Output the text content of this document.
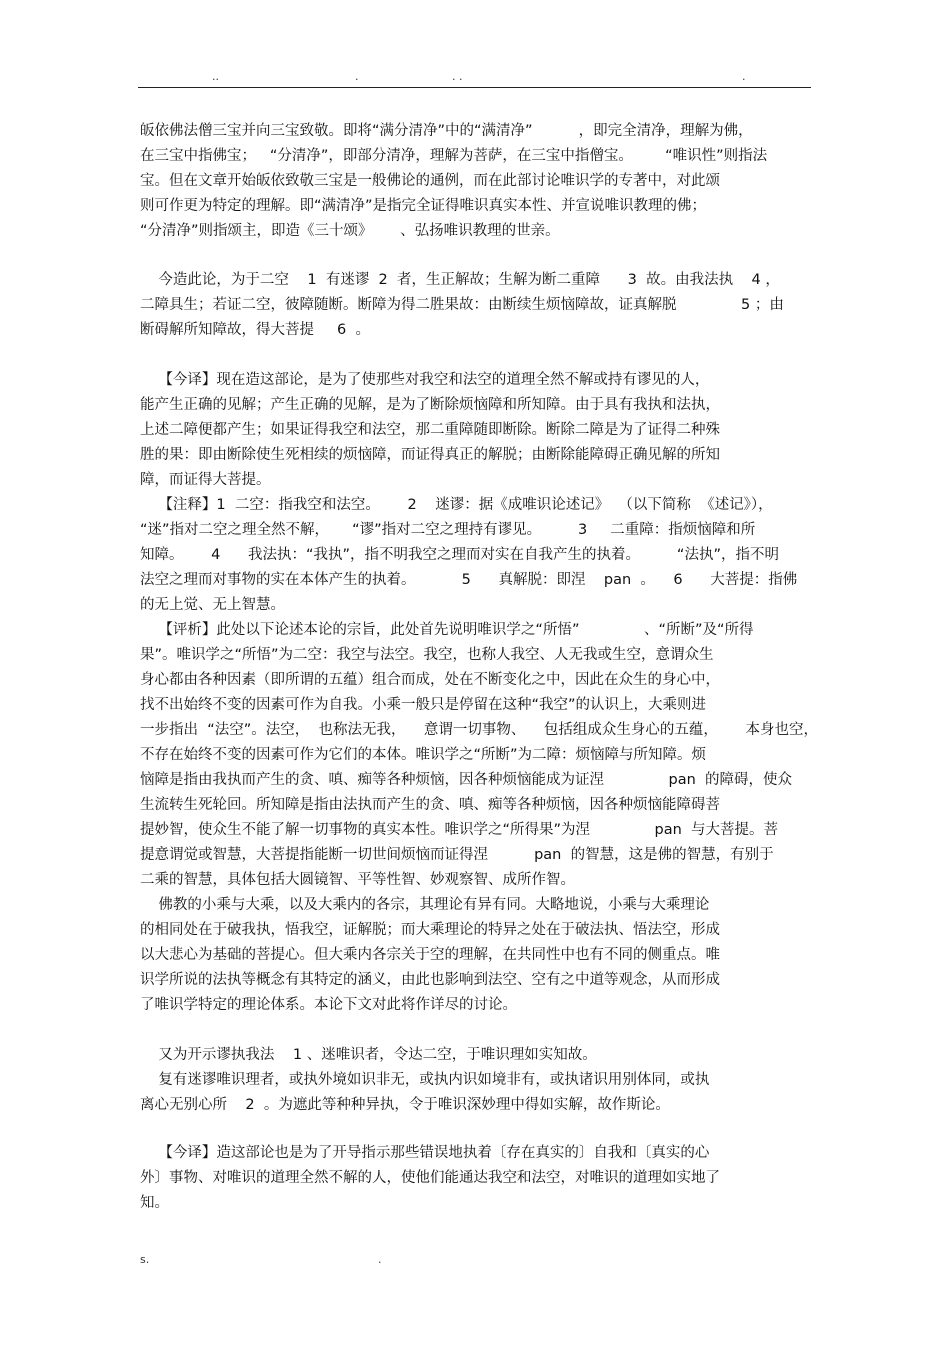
..	.	. .	.
皈依佛法僧三宝并向三宝致敬。即将“满分清净”中的“满清净”          ，即完全清净，理解为佛，
在三宝中指佛宝；   “分清净”，即部分清净，理解为菩萨，在三宝中指僧宝。       “唯识性”则指法
宝。但在文章开始皈依致敬三宝是一般佛论的通例，而在此部讨论唯识学的专著中，对此颂
则可作更为特定的理解。即“满清净”是指完全证得唯识真实本性、并宣说唯识教理的佛；
“分清净”则指颂主，即造《三十颂》      、弘扬唯识教理的世亲。
今造此论，为于二空    1  有迷谬  2  者，生正解故；生解为断二重障      3  故。由我法执    4 ，
二障具生；若证二空，彼障随断。断障为得二胜果故：由断续生烦恼障故，证真解脱              5 ；由
断碍解所知障故，得大菩提     6  。
【今译】现在造这部论，是为了使那些对我空和法空的道理全然不解或持有谬见的人，
能产生正确的见解；产生正确的见解，是为了断除烦恼障和所知障。由于具有我执和法执，
上述二障便都产生；如果证得我空和法空，那二重障随即断除。断除二障是为了证得二种殊
胜的果：即由断除使生死相续的烦恼障，而证得真正的解脱；由断除能障碍正确见解的所知
障，而证得大菩提。
【注释】1  二空：指我空和法空。      2    迷谬：据《成唯识论述记》  （以下简称  《述记》），
“迷”指对二空之理全然不解，     “谬”指对二空之理持有谬见。        3     二重障：指烦恼障和所
知障。      4      我法执：“我执”，指不明我空之理而对实在自我产生的执着。        “法执”，指不明
法空之理而对事物的实在本体产生的执着。          5      真解脱：即涅    pan  。    6      大菩提：指佛
的无上觉、无上智慧。
【评析】此处以下论述本论的宗旨，此处首先说明唯识学之“所悟”              、“所断”及“所得
果”。唯识学之“所悟”为二空：我空与法空。我空，也称人我空、人无我或生空，意谓众生
身心都由各种因素（即所谓的五蕴）组合而成，处在不断变化之中，因此在众生的身心中，
找不出始终不变的因素可作为自我。小乘一般只是停留在这种“我空”的认识上，大乘则进
一步指出  “法空”。法空，  也称法无我，    意谓一切事物、    包括组成众生身心的五蕴，      本身也空，
不存在始终不变的因素可作为它们的本体。唯识学之“所断”为二障：烦恼障与所知障。烦
恼障是指由我执而产生的贪、嗔、痴等各种烦恼，因各种烦恼能成为证涅              pan  的障碍，使众
生流转生死轮回。所知障是指由法执而产生的贪、嗔、痴等各种烦恼，因各种烦恼能障碍菩
提妙智，使众生不能了解一切事物的真实本性。唯识学之“所得果”为涅              pan  与大菩提。菩
提意谓觉或智慧，大菩提指能断一切世间烦恼而证得涅          pan  的智慧，这是佛的智慧，有别于
二乘的智慧，具体包括大圆镜智、平等性智、妙观察智、成所作智。
佛教的小乘与大乘，以及大乘内的各宗，其理论有异有同。大略地说，小乘与大乘理论
的相同处在于破我执，悟我空，证解脱；而大乘理论的特异之处在于破法执、悟法空，形成
以大悲心为基础的菩提心。但大乘内各宗关于空的理解，在共同性中也有不同的侧重点。唯
识学所说的法执等概念有其特定的涵义，由此也影响到法空、空有之中道等观念，从而形成
了唯识学特定的理论体系。本论下文对此将作详尽的讨论。
又为开示谬执我法    1 、迷唯识者，令达二空，于唯识理如实知故。
复有迷谬唯识理者，或执外境如识非无，或执内识如境非有，或执诸识用别体同，或执
离心无别心所    2  。为遮此等种种异执，令于唯识深妙理中得如实解，故作斯论。
【今译】造这部论也是为了开导指示那些错误地执着〔存在真实的〕自我和〔真实的心
外〕事物、对唯识的道理全然不解的人，使他们能通达我空和法空，对唯识的道理如实地了
知。
s.	.
